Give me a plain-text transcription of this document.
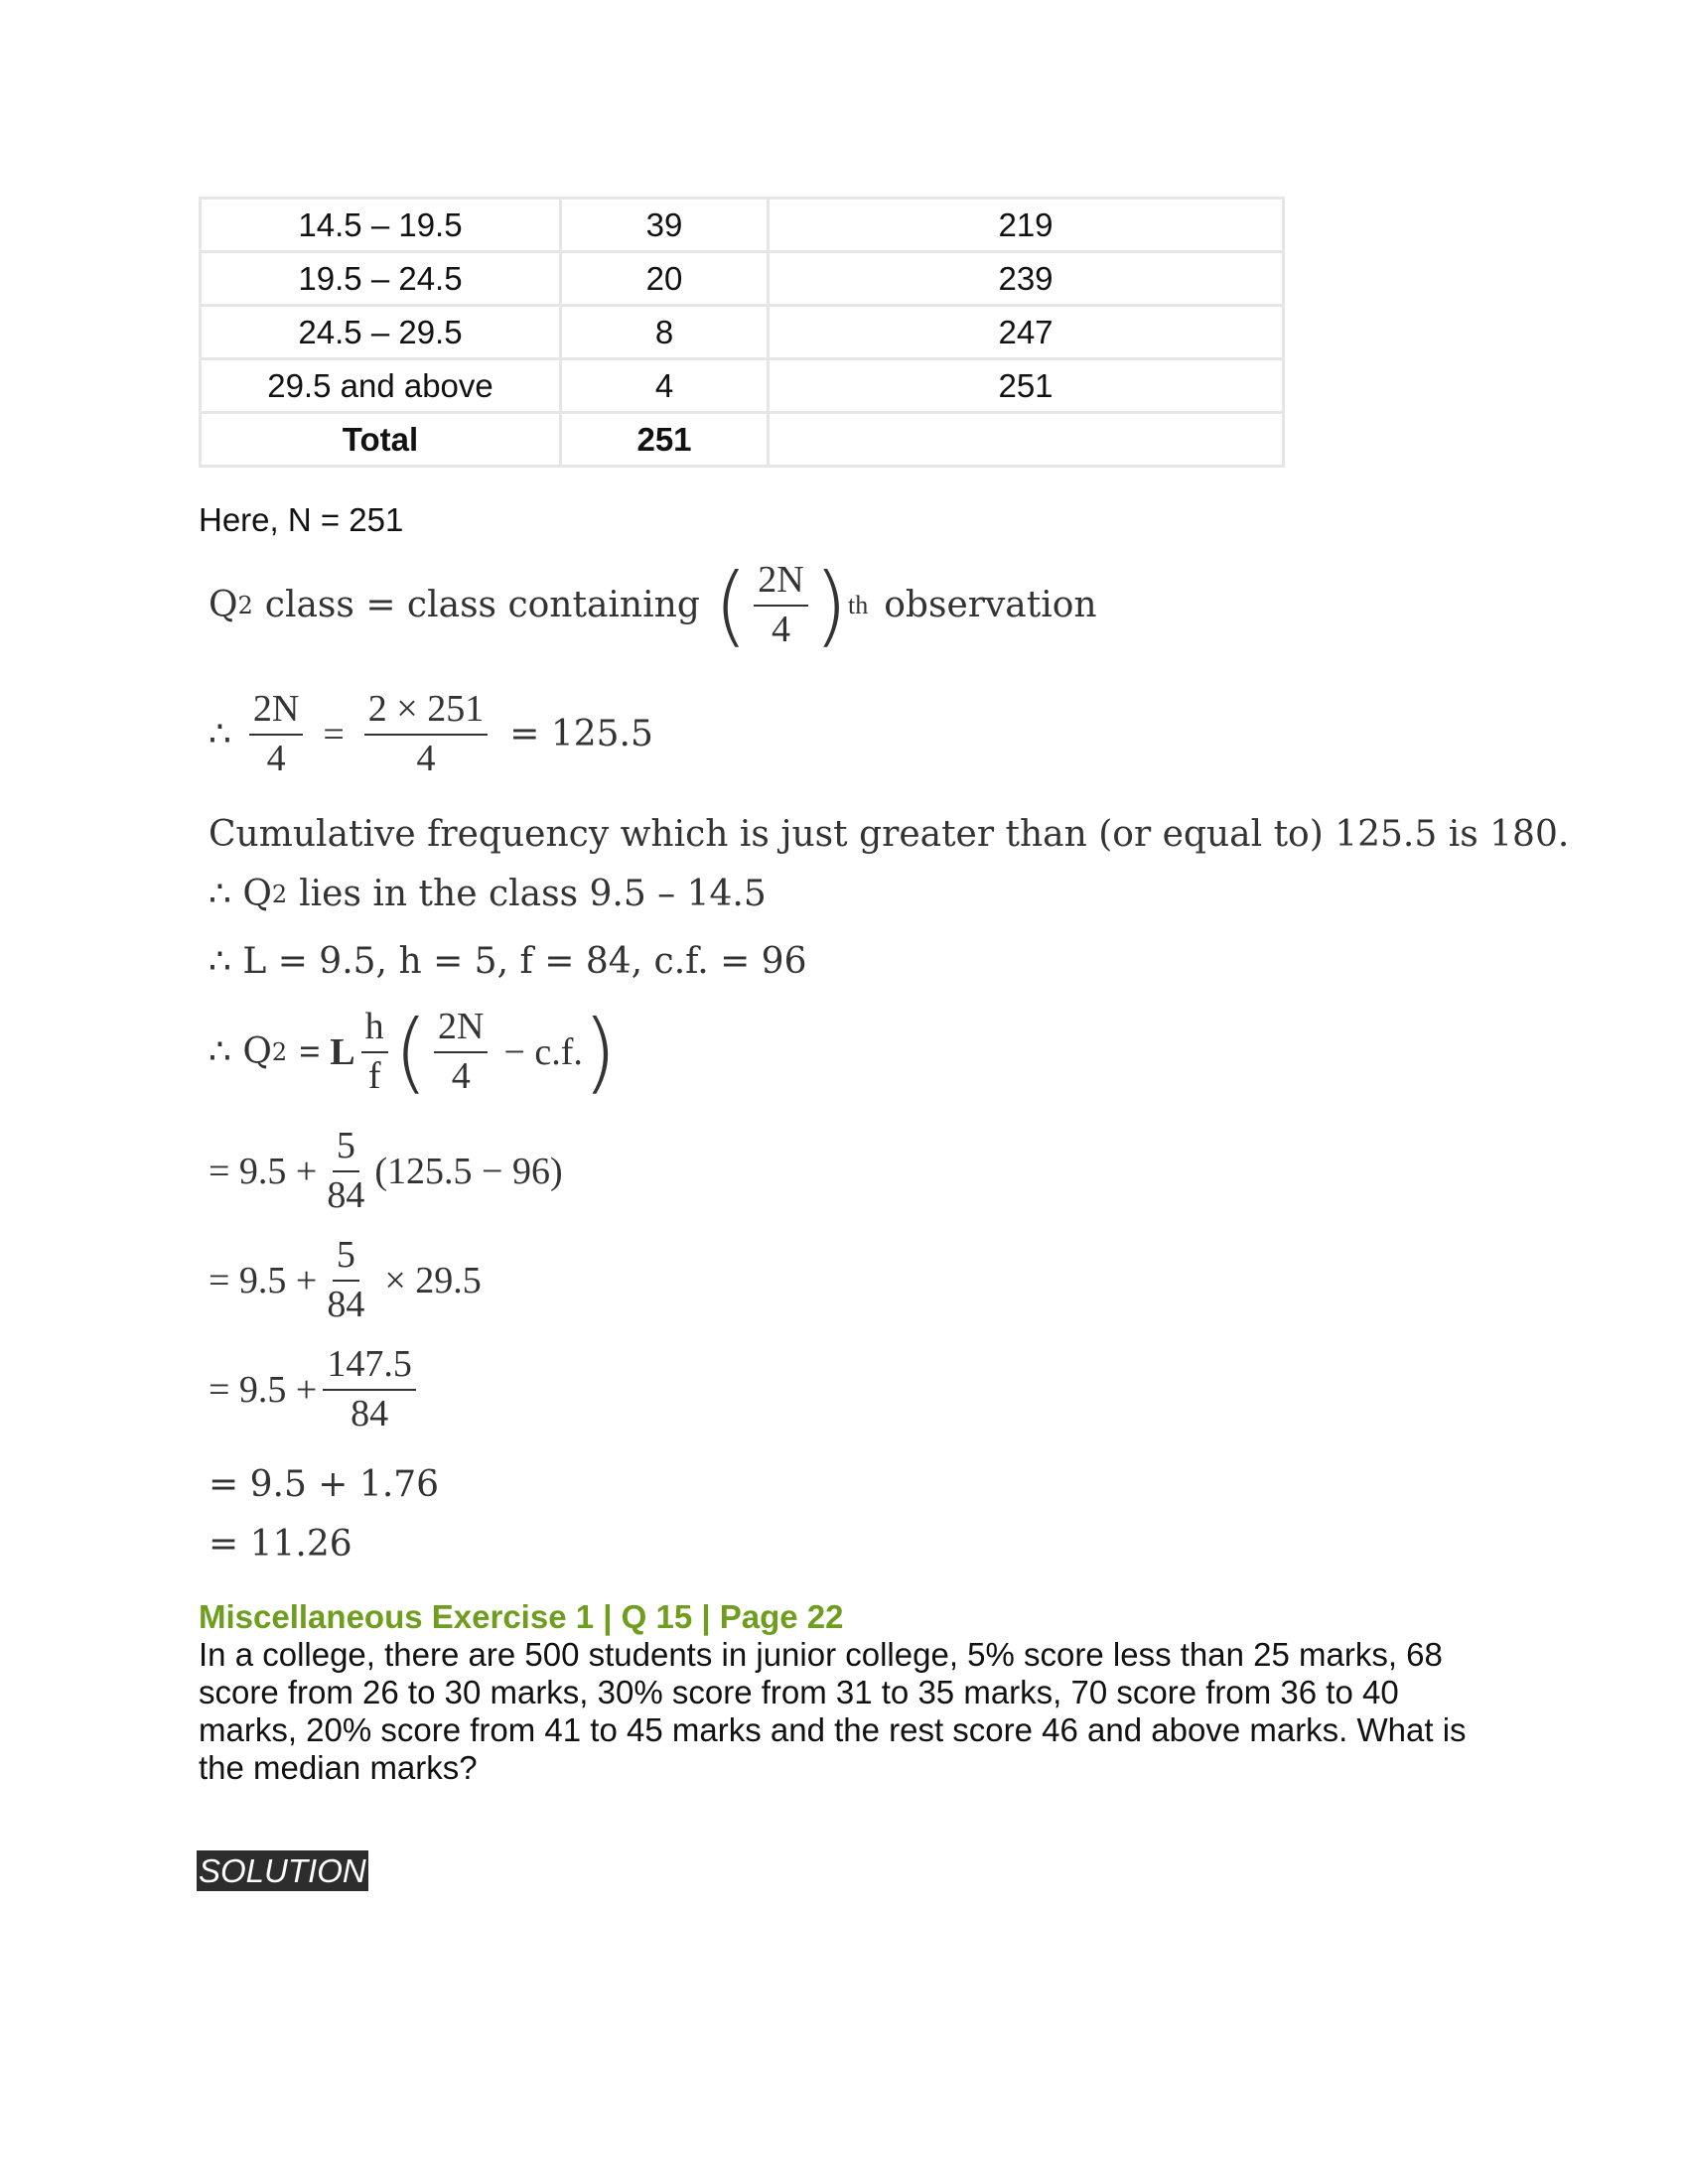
14.5 – 19.5	39	219
19.5 – 24.5	20	239
24.5 – 29.5	8	247
29.5 and above	4	251
Total	251	
Here, N = 251
Q 2 class = class containing ( $\frac{2N}{4}$ ) th observation
∴ $\frac{2N}{4} = \frac{2 \times 251}{4} = 125.5$
Cumulative frequency which is just greater than (or equal to) 125.5 is 180.
∴ Q 2 lies in the class 9.5 – 14.5
∴ L = 9.5, h = 5, f = 84, c.f. = 96
∴ Q 2 = L $\frac{h}{f}$ ( $\frac{2N}{4} - c.f$. )
= $9.5 + \frac{5}{84} (125.5 - 96)$
= $9.5 + \frac{5}{84} \times 29.5$
= $9.5 + \frac{147.5}{84}$
= 9.5 + 1.76
= 11.26
Miscellaneous Exercise 1 | Q 15 | Page 22
In a college, there are 500 students in junior college, 5% score less than 25 marks, 68 score from 26 to 30 marks, 30% score from 31 to 35 marks, 70 score from 36 to 40 marks, 20% score from 41 to 45 marks and the rest score 46 and above marks. What is the median marks?
SOLUTION
